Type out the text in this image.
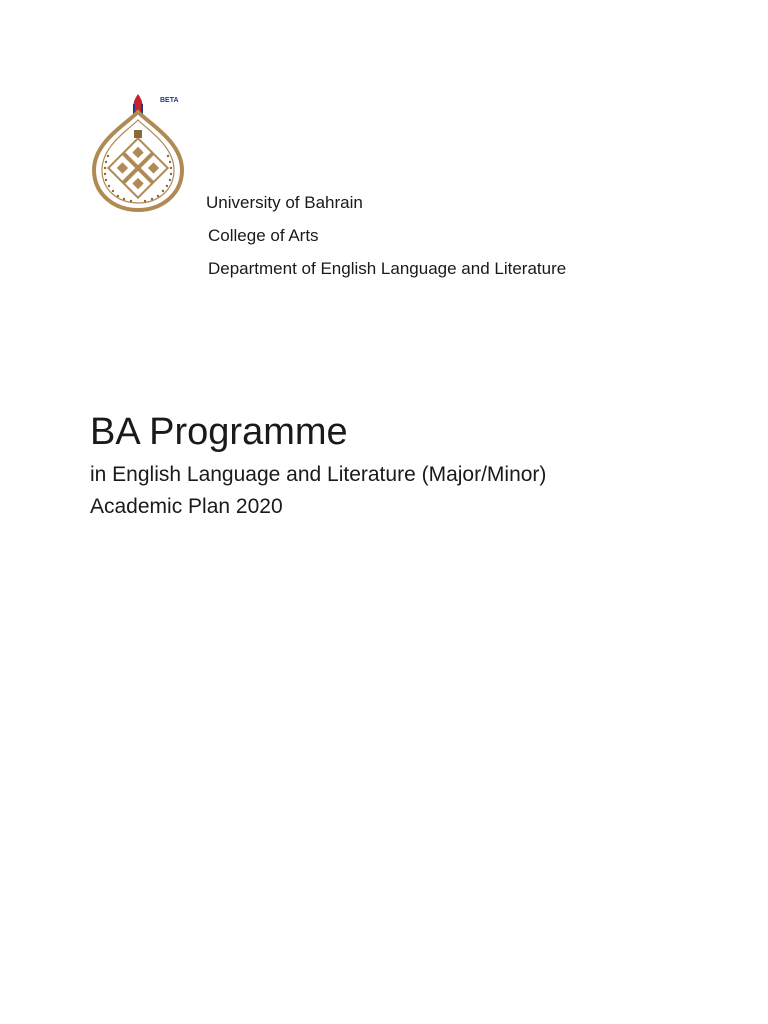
BETA
University of Bahrain
College of Arts
Department of English Language and Literature
BA Programme
in English Language and Literature (Major/Minor)
Academic Plan 2020
